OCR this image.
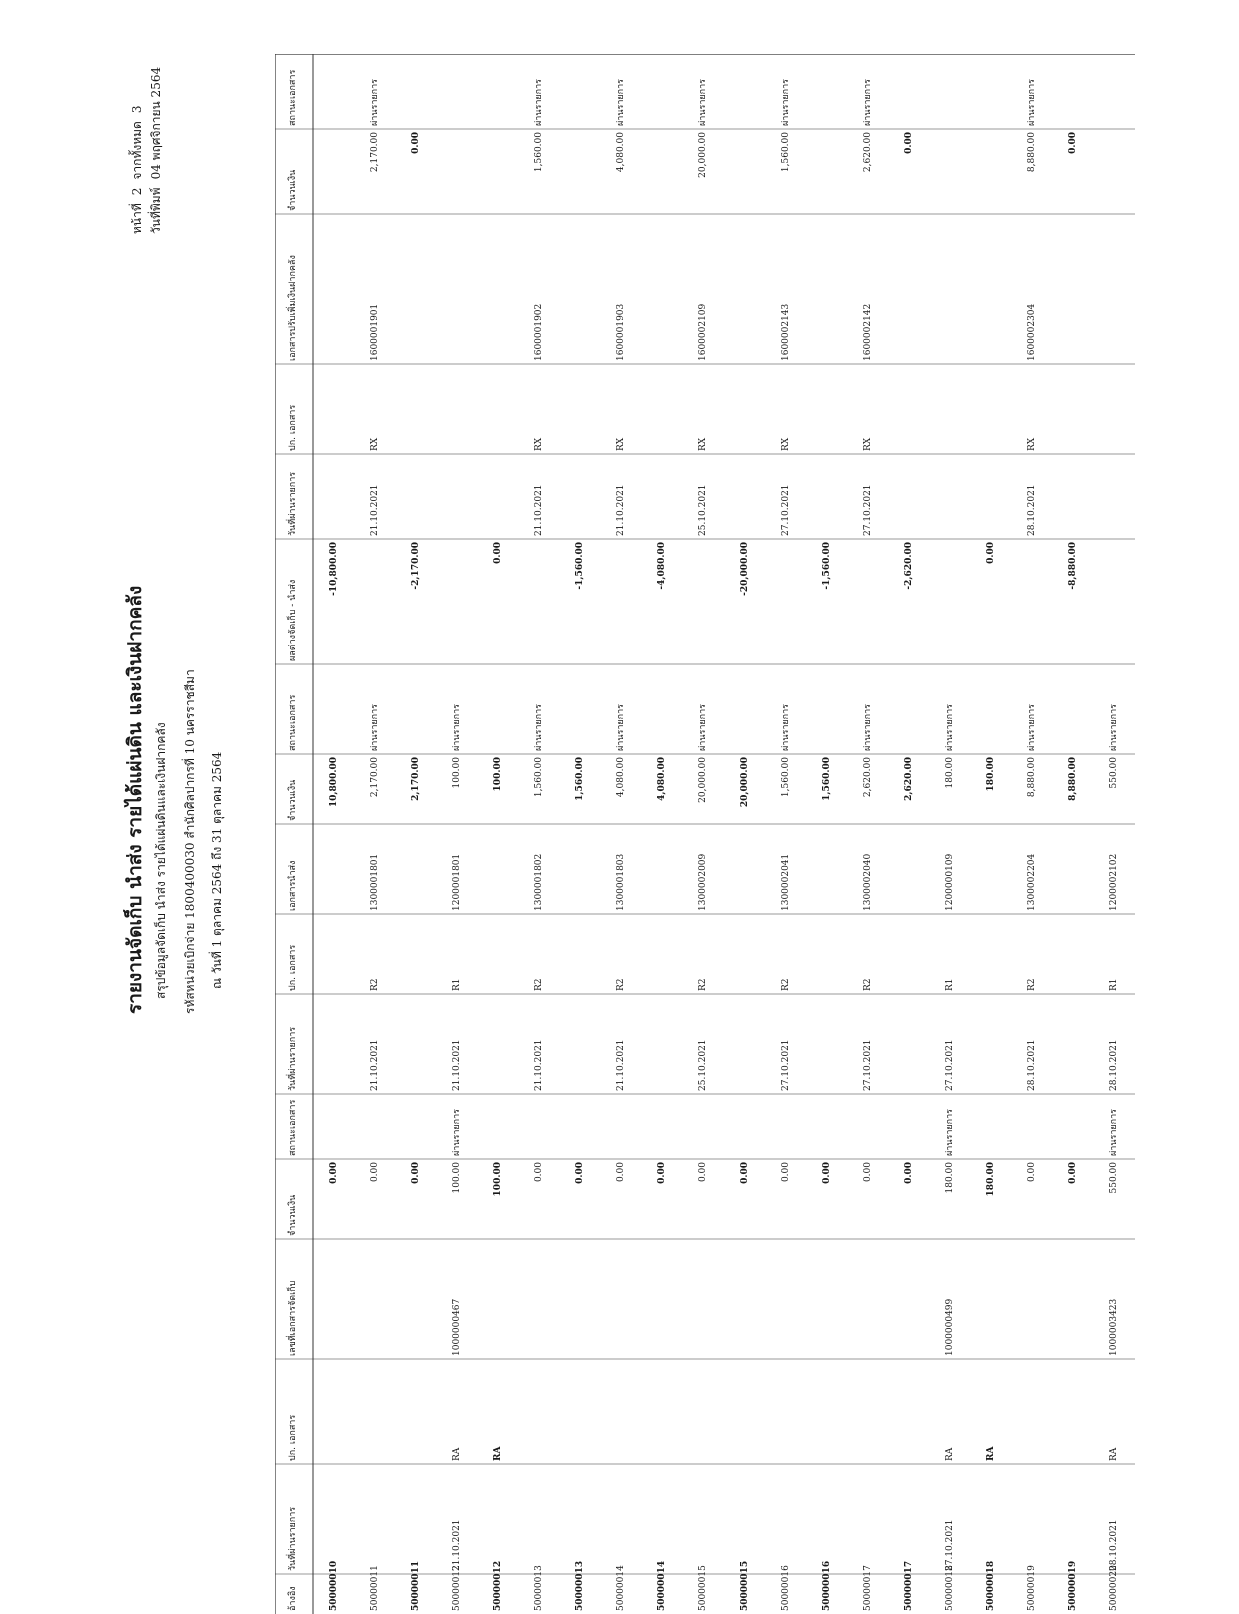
รายงานจัดเก็บ นำส่ง รายได้แผ่นดิน และเงินฝากคลัง สรุปข้อมูลจัดเก็บ นำส่ง รายได้แผ่นดินและเงินฝากคลัง รหัสหน่วยเบิกจ่าย 1800400030 สำนักศิลปากรที่ 10 นครราชสีมา ณ วันที่ 1 ตุลาคม 2564 ถึง 31 ตุลาคม 2564
หน้าที่
2
จากทั้งหมด
3
วันที่พิมพ์
04 พฤศจิกายน 2564
อ้างอิง
วันที่ผ่านรายการ
ปก. เอกสาร
เลขที่เอกสารจัดเก็บ
จำนวนเงิน
สถานะเอกสาร
วันที่ผ่านรายการ
ปก. เอกสาร
เอกสารนำส่ง
จำนวนเงิน
สถานะเอกสาร
ผลต่างจัดเก็บ - นำส่ง
วันที่ผ่านรายการ
ปก. เอกสาร
เอกสารปรับเพิ่มเงินฝากคลัง
จำนวนเงิน
สถานะเอกสาร
50000010
0.00
10,800.00
-10,800.00
50000011
0.00
21.10.2021
R2
1300001801
2,170.00
ผ่านรายการ
21.10.2021
RX
1600001901
2,170.00
ผ่านรายการ
50000011
0.00
2,170.00
-2,170.00
0.00
50000012
21.10.2021
RA
1000000467
100.00
ผ่านรายการ
21.10.2021
R1
1200001801
100.00
ผ่านรายการ
50000012
RA
100.00
100.00
0.00
50000013
0.00
21.10.2021
R2
1300001802
1,560.00
ผ่านรายการ
21.10.2021
RX
1600001902
1,560.00
ผ่านรายการ
50000013
0.00
1,560.00
-1,560.00
50000014
0.00
21.10.2021
R2
1300001803
4,080.00
ผ่านรายการ
21.10.2021
RX
1600001903
4,080.00
ผ่านรายการ
50000014
0.00
4,080.00
-4,080.00
50000015
0.00
25.10.2021
R2
1300002009
20,000.00
ผ่านรายการ
25.10.2021
RX
1600002109
20,000.00
ผ่านรายการ
50000015
0.00
20,000.00
-20,000.00
50000016
0.00
27.10.2021
R2
1300002041
1,560.00
ผ่านรายการ
27.10.2021
RX
1600002143
1,560.00
ผ่านรายการ
50000016
0.00
1,560.00
-1,560.00
50000017
0.00
27.10.2021
R2
1300002040
2,620.00
ผ่านรายการ
27.10.2021
RX
1600002142
2,620.00
ผ่านรายการ
50000017
0.00
2,620.00
-2,620.00
0.00
50000018
27.10.2021
RA
1000000499
180.00
ผ่านรายการ
27.10.2021
R1
1200000109
180.00
ผ่านรายการ
50000018
RA
180.00
180.00
0.00
50000019
0.00
28.10.2021
R2
1300002204
8,880.00
ผ่านรายการ
28.10.2021
RX
1600002304
8,880.00
ผ่านรายการ
50000019
0.00
8,880.00
-8,880.00
0.00
50000020
28.10.2021
RA
1000003423
550.00
ผ่านรายการ
28.10.2021
R1
1200002102
550.00
ผ่านรายการ
